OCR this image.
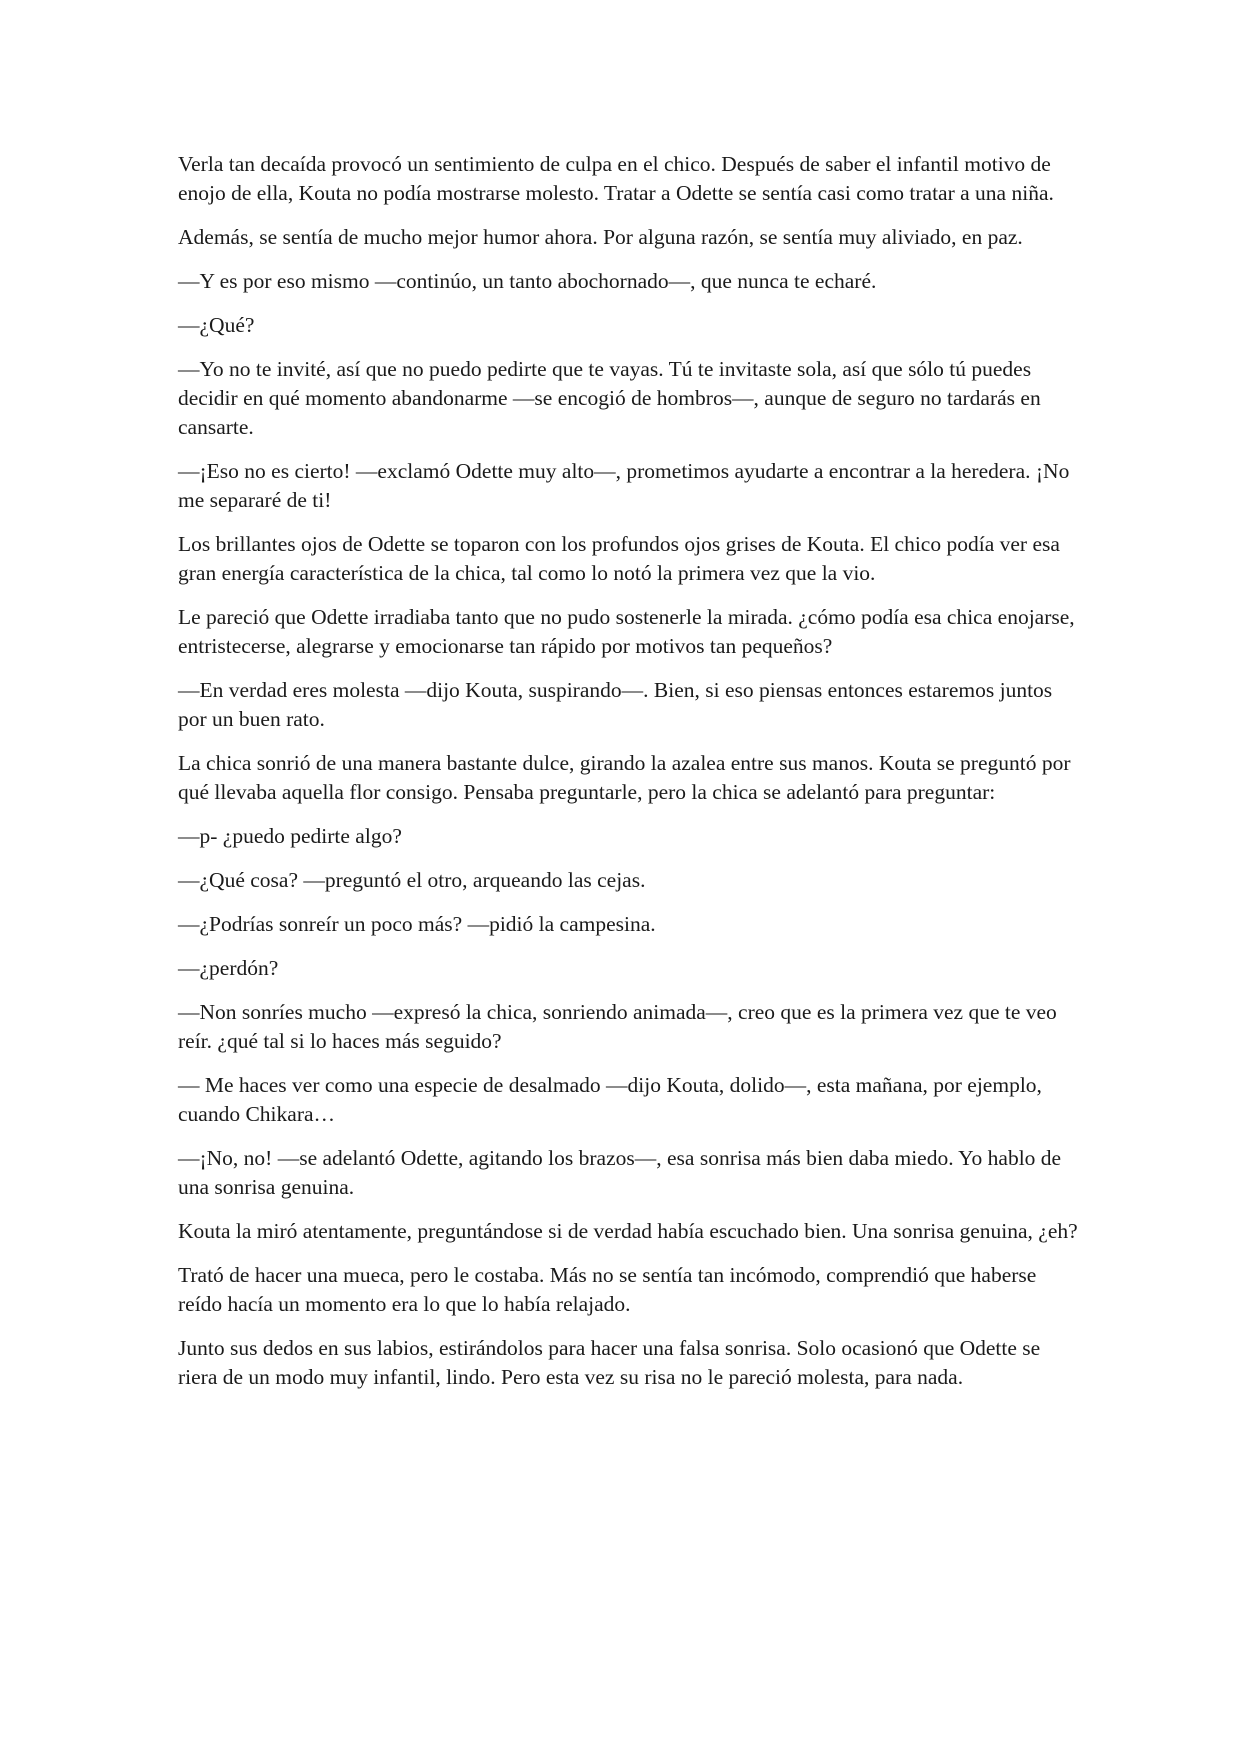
Verla tan decaída provocó un sentimiento de culpa en el chico. Después de saber el infantil motivo de enojo de ella, Kouta no podía mostrarse molesto. Tratar a Odette se sentía casi como tratar a una niña.

Además, se sentía de mucho mejor humor ahora. Por alguna razón, se sentía muy aliviado, en paz.

—Y es por eso mismo —continúo, un tanto abochornado—, que nunca te echaré.

—¿Qué?

—Yo no te invité, así que no puedo pedirte que te vayas. Tú te invitaste sola, así que sólo tú puedes decidir en qué momento abandonarme —se encogió de hombros—, aunque de seguro no tardarás en cansarte.

—¡Eso no es cierto! —exclamó Odette muy alto—, prometimos ayudarte a encontrar a la heredera. ¡No me separaré de ti!

Los brillantes ojos de Odette se toparon con los profundos ojos grises de Kouta. El chico podía ver esa gran energía característica de la chica, tal como lo notó la primera vez que la vio.

Le pareció que Odette irradiaba tanto que no pudo sostenerle la mirada. ¿cómo podía esa chica enojarse, entristecerse, alegrarse y emocionarse tan rápido por motivos tan pequeños?

—En verdad eres molesta —dijo Kouta, suspirando—. Bien, si eso piensas entonces estaremos juntos por un buen rato.

La chica sonrió de una manera bastante dulce, girando la azalea entre sus manos. Kouta se preguntó por qué llevaba aquella flor consigo. Pensaba preguntarle, pero la chica se adelantó para preguntar:

—p- ¿puedo pedirte algo?

—¿Qué cosa? —preguntó el otro, arqueando las cejas.

—¿Podrías sonreír un poco más? —pidió la campesina.

—¿perdón?

—Non sonríes mucho —expresó la chica, sonriendo animada—, creo que es la primera vez que te veo reír. ¿qué tal si lo haces más seguido?

— Me haces ver como una especie de desalmado —dijo Kouta, dolido—, esta mañana, por ejemplo, cuando Chikara…

—¡No, no! —se adelantó Odette, agitando los brazos—, esa sonrisa más bien daba miedo. Yo hablo de una sonrisa genuina.

Kouta la miró atentamente, preguntándose si de verdad había escuchado bien. Una sonrisa genuina, ¿eh?

Trató de hacer una mueca, pero le costaba. Más no se sentía tan incómodo, comprendió que haberse reído hacía un momento era lo que lo había relajado.

Junto sus dedos en sus labios, estirándolos para hacer una falsa sonrisa. Solo ocasionó que Odette se riera de un modo muy infantil, lindo. Pero esta vez su risa no le pareció molesta, para nada.
